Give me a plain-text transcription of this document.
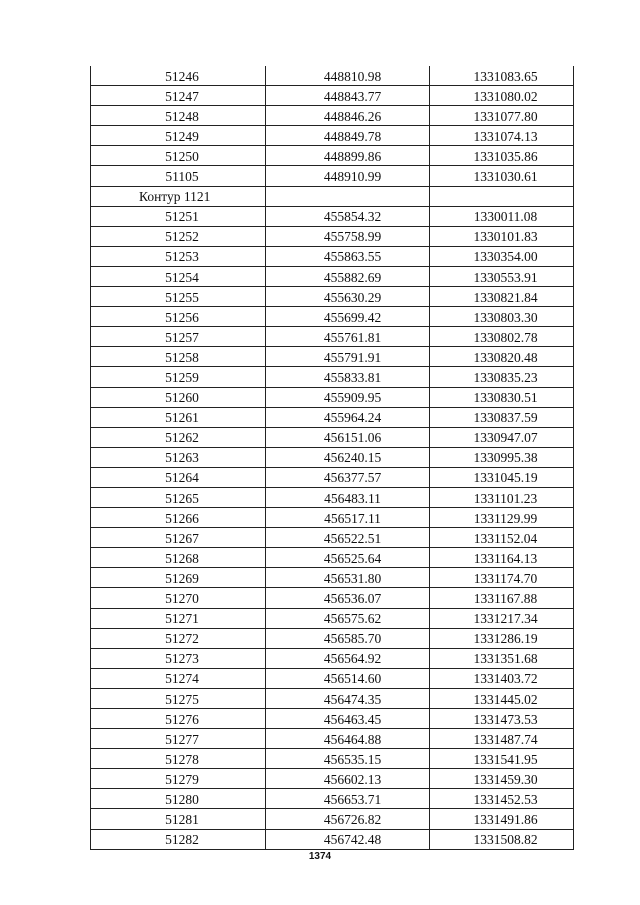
51246	448810.98	1331083.65
51247	448843.77	1331080.02
51248	448846.26	1331077.80
51249	448849.78	1331074.13
51250	448899.86	1331035.86
51105	448910.99	1331030.61
Контур 1121
51251	455854.32	1330011.08
51252	455758.99	1330101.83
51253	455863.55	1330354.00
51254	455882.69	1330553.91
51255	455630.29	1330821.84
51256	455699.42	1330803.30
51257	455761.81	1330802.78
51258	455791.91	1330820.48
51259	455833.81	1330835.23
51260	455909.95	1330830.51
51261	455964.24	1330837.59
51262	456151.06	1330947.07
51263	456240.15	1330995.38
51264	456377.57	1331045.19
51265	456483.11	1331101.23
51266	456517.11	1331129.99
51267	456522.51	1331152.04
51268	456525.64	1331164.13
51269	456531.80	1331174.70
51270	456536.07	1331167.88
51271	456575.62	1331217.34
51272	456585.70	1331286.19
51273	456564.92	1331351.68
51274	456514.60	1331403.72
51275	456474.35	1331445.02
51276	456463.45	1331473.53
51277	456464.88	1331487.74
51278	456535.15	1331541.95
51279	456602.13	1331459.30
51280	456653.71	1331452.53
51281	456726.82	1331491.86
51282	456742.48	1331508.82
1374
